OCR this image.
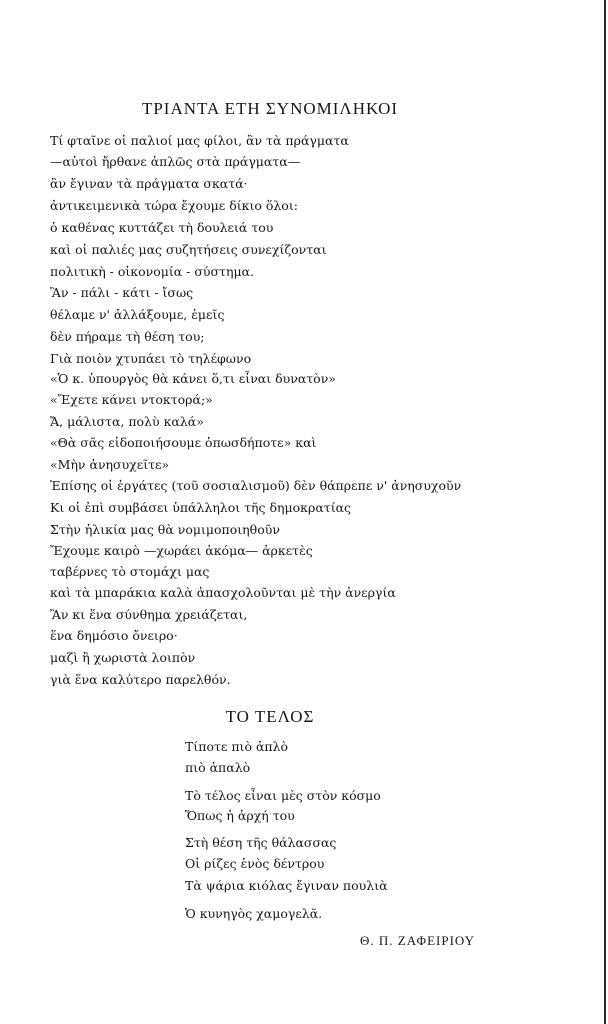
ΤΡΙΑΝΤΑ ΕΤΗ ΣΥΝΟΜΙΛΗΚΟΙ
Τί φταῖνε οἱ παλιοί μας φίλοι, ἂν τὰ πράγματα
—αὐτοὶ ἤρθανε ἁπλῶς στὰ πράγματα—
ἂν ἔγιναν τὰ πράγματα σκατά·
ἀντικειμενικὰ τώρα ἔχουμε δίκιο ὅλοι:
ὁ καθένας κυττάζει τὴ δουλειά του
καὶ οἱ παλιές μας συζητήσεις συνεχίζονται
πολιτικὴ - οἰκονομία - σύστημα.
Ἂν - πάλι - κάτι - ἴσως
θέλαμε ν' ἀλλάξουμε, ἐμεῖς
δὲν πήραμε τὴ θέση του;
Γιὰ ποιὸν χτυπάει τὸ τηλέφωνο
«Ὁ κ. ὑπουργὸς θὰ κάνει ὅ,τι εἶναι δυνατὸν»
«Ἔχετε κάνει ντοκτορά;»
Ἄ, μάλιστα, πολὺ καλά»
«Θὰ σᾶς εἰδοποιήσουμε ὁπωσδήποτε» καὶ
«Μὴν ἀνησυχεῖτε»
Ἐπίσης οἱ ἐργάτες (τοῦ σοσιαλισμοῦ) δὲν θάπρεπε ν' ἀνησυχοῦν
Κι οἱ ἐπὶ συμβάσει ὑπάλληλοι τῆς δημοκρατίας
Στὴν ἡλικία μας θὰ νομιμοποιηθοῦν
Ἔχουμε καιρὸ —χωράει ἀκόμα— ἀρκετὲς
ταβέρνες τὸ στομάχι μας
καὶ τὰ μπαράκια καλὰ ἀπασχολοῦνται μὲ τὴν ἀνεργία
Ἂν κι ἕνα σύνθημα χρειάζεται,
ἕνα δημόσιο ὄνειρο·
μαζὶ ἢ χωριστὰ λοιπὸν
γιὰ ἕνα καλύτερο παρελθόν.
ΤΟ ΤΕΛΟΣ
Τίποτε πιὸ ἁπλὸ
πιὸ ἁπαλὸ
Τὸ τέλος εἶναι μὲς στὸν κόσμο
Ὅπως ἡ ἀρχή του
Στὴ θέση τῆς θάλασσας
Οἱ ρίζες ἑνὸς δέντρου
Τὰ ψάρια κιόλας ἔγιναν πουλιὰ
Ὁ κυνηγὸς χαμογελᾶ.
Θ. Π. ΖΑΦΕΙΡΙΟΥ
